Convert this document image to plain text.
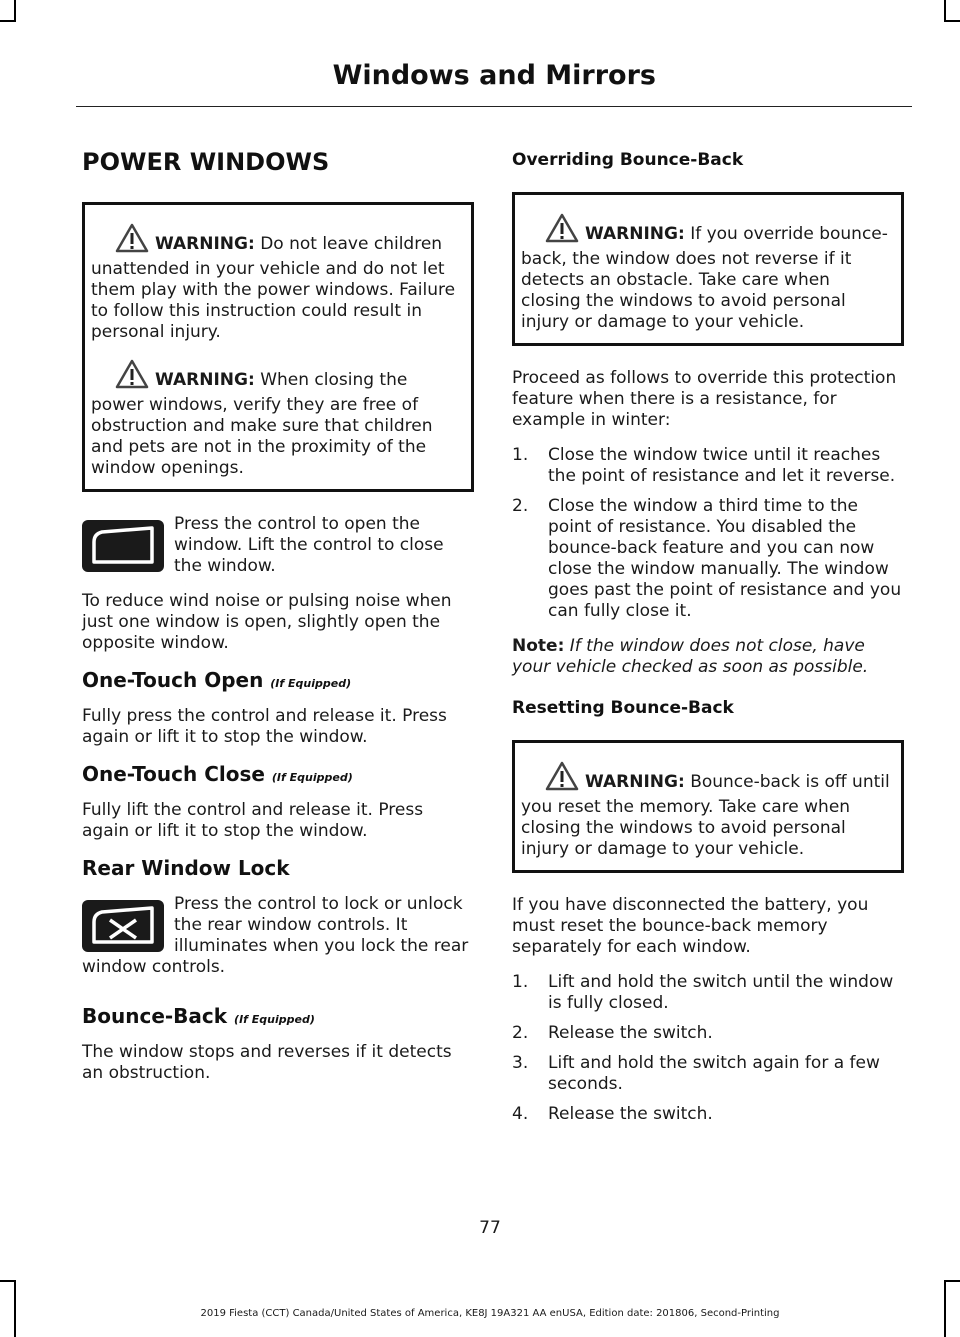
Windows and Mirrors
POWER WINDOWS

WARNING: Do not leave children unattended in your vehicle and do not let them play with the power windows. Failure to follow this instruction could result in personal injury.

WARNING: When closing the power windows, verify they are free of obstruction and make sure that children and pets are not in the proximity of the window openings.

Press the control to open the window. Lift the control to close the window.

To reduce wind noise or pulsing noise when just one window is open, slightly open the opposite window.

One-Touch Open (If Equipped)

Fully press the control and release it. Press again or lift it to stop the window.

One-Touch Close (If Equipped)

Fully lift the control and release it. Press again or lift it to stop the window.

Rear Window Lock

Press the control to lock or unlock the rear window controls. It illuminates when you lock the rear window controls.

Bounce-Back (If Equipped)

The window stops and reverses if it detects an obstruction.

Overriding Bounce-Back

WARNING: If you override bounce-back, the window does not reverse if it detects an obstacle. Take care when closing the windows to avoid personal injury or damage to your vehicle.

Proceed as follows to override this protection feature when there is a resistance, for example in winter:

1. Close the window twice until it reaches the point of resistance and let it reverse.
2. Close the window a third time to the point of resistance. You disabled the bounce-back feature and you can now close the window manually. The window goes past the point of resistance and you can fully close it.

Note: If the window does not close, have your vehicle checked as soon as possible.

Resetting Bounce-Back

WARNING: Bounce-back is off until you reset the memory. Take care when closing the windows to avoid personal injury or damage to your vehicle.

If you have disconnected the battery, you must reset the bounce-back memory separately for each window.

1. Lift and hold the switch until the window is fully closed.
2. Release the switch.
3. Lift and hold the switch again for a few seconds.
4. Release the switch.

77

2019 Fiesta (CCT) Canada/United States of America, KE8J 19A321 AA enUSA, Edition date: 201806, Second-Printing
